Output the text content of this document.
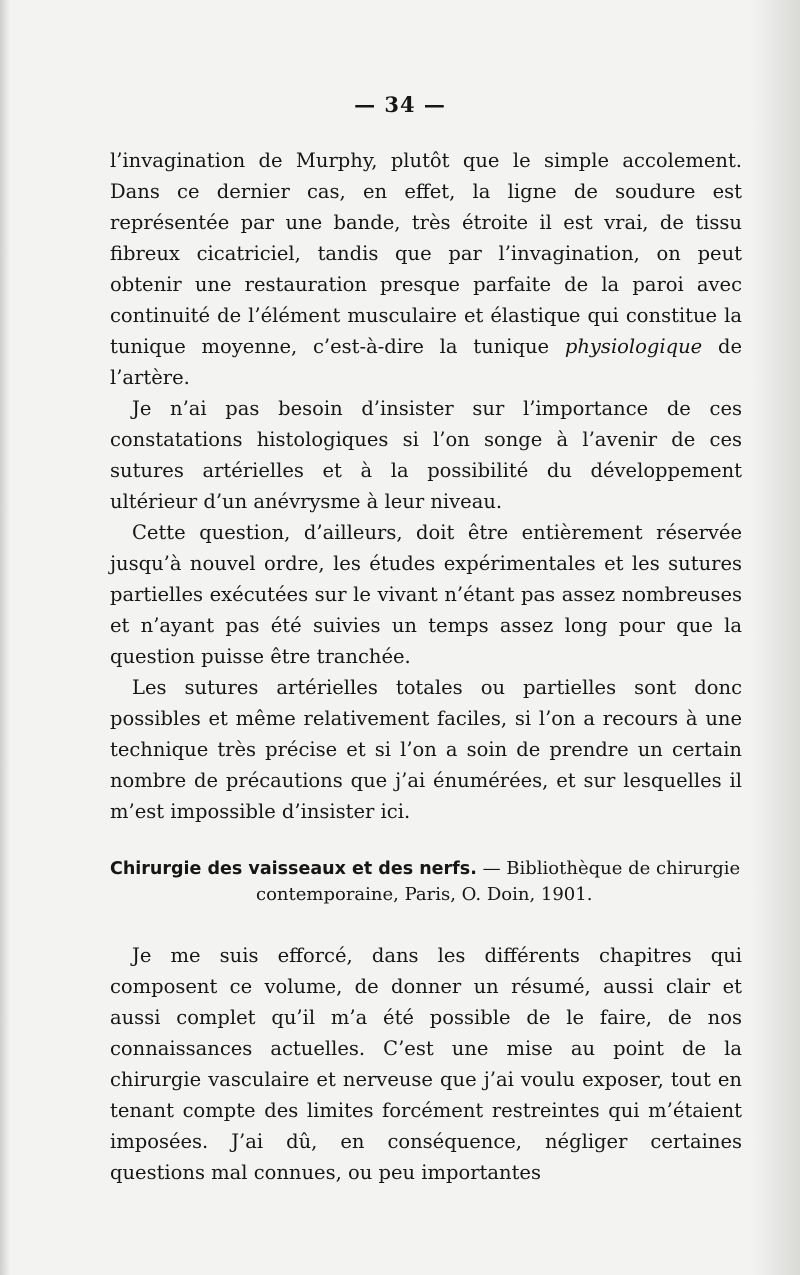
— 34 —

l’invagination de Murphy, plutôt que le simple accolement. Dans ce dernier cas, en effet, la ligne de soudure est représentée par une bande, très étroite il est vrai, de tissu fibreux cicatriciel, tandis que par l’invagination, on peut obtenir une restauration presque parfaite de la paroi avec continuité de l’élément musculaire et élastique qui constitue la tunique moyenne, c’est-à-dire la tunique physiologique de l’artère.

Je n’ai pas besoin d’insister sur l’importance de ces constatations histologiques si l’on songe à l’avenir de ces sutures artérielles et à la possibilité du développement ultérieur d’un anévrysme à leur niveau.

Cette question, d’ailleurs, doit être entièrement réservée jusqu’à nouvel ordre, les études expérimentales et les sutures partielles exécutées sur le vivant n’étant pas assez nombreuses et n’ayant pas été suivies un temps assez long pour que la question puisse être tranchée.

Les sutures artérielles totales ou partielles sont donc possibles et même relativement faciles, si l’on a recours à une technique très précise et si l’on a soin de prendre un certain nombre de précautions que j’ai énumérées, et sur lesquelles il m’est impossible d’insister ici.

Chirurgie des vaisseaux et des nerfs. — Bibliothèque de chirurgie
contemporaine, Paris, O. Doin, 1901.

Je me suis efforcé, dans les différents chapitres qui composent ce volume, de donner un résumé, aussi clair et aussi complet qu’il m’a été possible de le faire, de nos connaissances actuelles. C’est une mise au point de la chirurgie vasculaire et nerveuse que j’ai voulu exposer, tout en tenant compte des limites forcément restreintes qui m’étaient imposées. J’ai dû, en conséquence, négliger certaines questions mal connues, ou peu importantes
